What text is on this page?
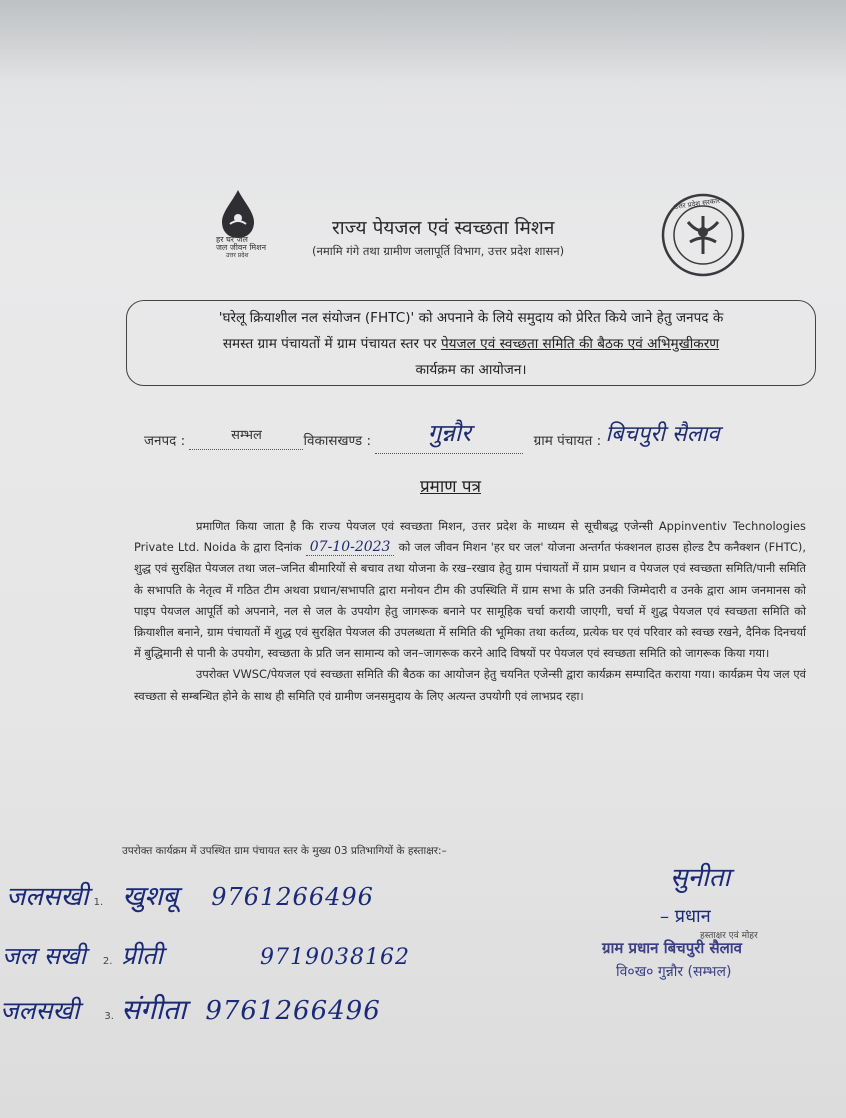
हर घर जल
जल जीवन मिशन
उत्तर प्रदेश
राज्य पेयजल एवं स्वच्छता मिशन
(नमामि गंगे तथा ग्रामीण जलापूर्ति विभाग, उत्तर प्रदेश शासन)
उत्तर प्रदेश सरकार
'घरेलू क्रियाशील नल संयोजन (FHTC)' को अपनाने के लिये समुदाय को प्रेरित किये जाने हेतु जनपद के
समस्त ग्राम पंचायतों में ग्राम पंचायत स्तर पर पेयजल एवं स्वच्छता समिति की बैठक एवं अभिमुखीकरण
कार्यक्रम का आयोजन।
जनपद :	सम्भल	विकासखण्ड : गुन्नौर	ग्राम पंचायत : बिचपुरी सैलाव
प्रमाण पत्र

प्रमाणित किया जाता है कि राज्य पेयजल एवं स्वच्छता मिशन, उत्तर प्रदेश के माध्यम से सूचीबद्ध एजेन्सी Appinventiv Technologies Private Ltd. Noida के द्वारा दिनांक 07-10-2023 को जल जीवन मिशन 'हर घर जल' योजना अन्तर्गत फंक्शनल हाउस होल्ड टैप कनैक्शन (FHTC), शुद्ध एवं सुरक्षित पेयजल तथा जल–जनित बीमारियों से बचाव तथा योजना के रख–रखाव हेतु ग्राम पंचायतों में ग्राम प्रधान व पेयजल एवं स्वच्छता समिति/पानी समिति के सभापति के नेतृत्व में गठित टीम अथवा प्रधान/सभापति द्वारा मनोयन टीम की उपस्थिति में ग्राम सभा के प्रति उनकी जिम्मेदारी व उनके द्वारा आम जनमानस को पाइप पेयजल आपूर्ति को अपनाने, नल से जल के उपयोग हेतु जागरूक बनाने पर सामूहिक चर्चा करायी जाएगी, चर्चा में शुद्ध पेयजल एवं स्वच्छता समिति को क्रियाशील बनाने, ग्राम पंचायतों में शुद्ध एवं सुरक्षित पेयजल की उपलब्धता में समिति की भूमिका तथा कर्तव्य, प्रत्येक घर एवं परिवार को स्वच्छ रखने, दैनिक दिनचर्या में बुद्धिमानी से पानी के उपयोग, स्वच्छता के प्रति जन सामान्य को जन–जागरूक करने आदि विषयों पर पेयजल एवं स्वच्छता समिति को जागरूक किया गया।

उपरोक्त VWSC/पेयजल एवं स्वच्छता समिति की बैठक का आयोजन हेतु चयनित एजेन्सी द्वारा कार्यक्रम सम्पादित कराया गया। कार्यक्रम पेय जल एवं स्वच्छता से सम्बन्धित होने के साथ ही समिति एवं ग्रामीण जनसमुदाय के लिए अत्यन्त उपयोगी एवं लाभप्रद रहा।

उपरोक्त कार्यक्रम में उपस्थित ग्राम पंचायत स्तर के मुख्य 03 प्रतिभागियों के हस्ताक्षर:–
जलसखी 1. खुशबू 9761266496
जल सखी 2. प्रीती	9719038162
जलसखी	3. संगीता 9761266496
सुनीता
– प्रधान
हस्ताक्षर एवं मोहर
ग्राम प्रधान बिचपुरी सैलाव
वि०ख० गुन्नौर (सम्भल)
